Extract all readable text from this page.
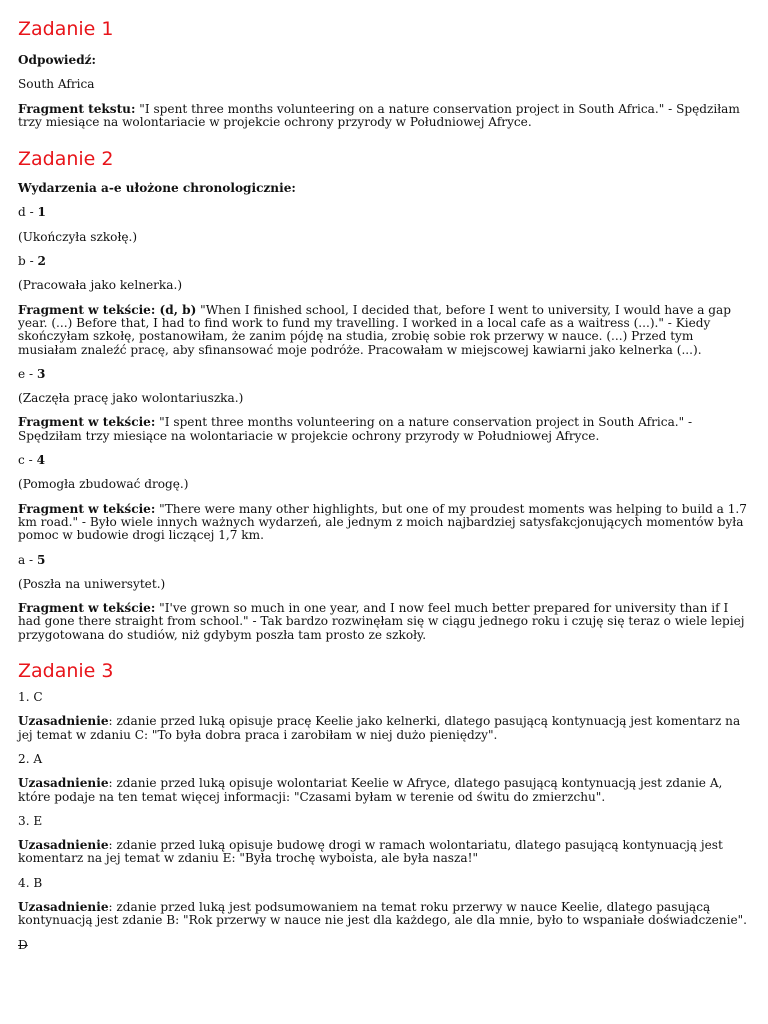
Zadanie 1

Odpowiedź:

South Africa

Fragment tekstu: "I spent three months volunteering on a nature conservation project in South Africa." - Spędziłam trzy miesiące na wolontariacie w projekcie ochrony przyrody w Południowej Afryce.

Zadanie 2

Wydarzenia a-e ułożone chronologicznie:

d - 1

(Ukończyła szkołę.)

b - 2

(Pracowała jako kelnerka.)

Fragment w tekście: (d, b) "When I finished school, I decided that, before I went to university, I would have a gap year. (...) Before that, I had to find work to fund my travelling. I worked in a local cafe as a waitress (...)." - Kiedy skończyłam szkołę, postanowiłam, że zanim pójdę na studia, zrobię sobie rok przerwy w nauce. (...) Przed tym musiałam znaleźć pracę, aby sfinansować moje podróże. Pracowałam w miejscowej kawiarni jako kelnerka (...).

e - 3

(Zaczęła pracę jako wolontariuszka.)

Fragment w tekście: "I spent three months volunteering on a nature conservation project in South Africa." - Spędziłam trzy miesiące na wolontariacie w projekcie ochrony przyrody w Południowej Afryce.

c - 4

(Pomogła zbudować drogę.)

Fragment w tekście: "There were many other highlights, but one of my proudest moments was helping to build a 1.7 km road." - Było wiele innych ważnych wydarzeń, ale jednym z moich najbardziej satysfakcjonujących momentów była pomoc w budowie drogi liczącej 1,7 km.

a - 5

(Poszła na uniwersytet.)

Fragment w tekście: "I've grown so much in one year, and I now feel much better prepared for university than if I had gone there straight from school." - Tak bardzo rozwinęłam się w ciągu jednego roku i czuję się teraz o wiele lepiej przygotowana do studiów, niż gdybym poszła tam prosto ze szkoły.

Zadanie 3

1. C

Uzasadnienie: zdanie przed luką opisuje pracę Keelie jako kelnerki, dlatego pasującą kontynuacją jest komentarz na jej temat w zdaniu C: "To była dobra praca i zarobiłam w niej dużo pieniędzy".

2. A

Uzasadnienie: zdanie przed luką opisuje wolontariat Keelie w Afryce, dlatego pasującą kontynuacją jest zdanie A, które podaje na ten temat więcej informacji: "Czasami byłam w terenie od świtu do zmierzchu".

3. E

Uzasadnienie: zdanie przed luką opisuje budowę drogi w ramach wolontariatu, dlatego pasującą kontynuacją jest komentarz na jej temat w zdaniu E: "Była trochę wyboista, ale była nasza!"

4. B

Uzasadnienie: zdanie przed luką jest podsumowaniem na temat roku przerwy w nauce Keelie, dlatego pasującą kontynuacją jest zdanie B: "Rok przerwy w nauce nie jest dla każdego, ale dla mnie, było to wspaniałe doświadczenie".

D
